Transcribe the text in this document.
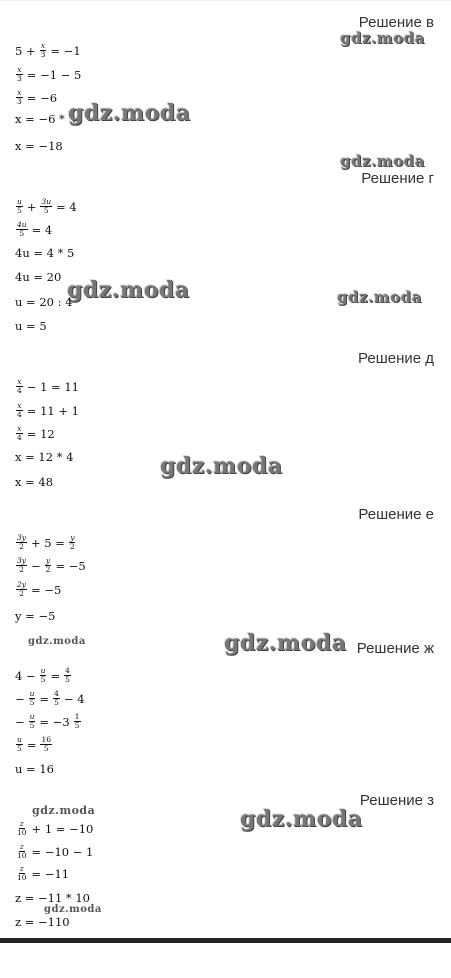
Решение в
gdz.moda
$5 + \frac{x}{3} = -1$
$\frac{x}{3} = -1 - 5$
$\frac{x}{3} = -6$
x = −6 * 3
gdz.moda
x = −18
gdz.moda
Решение г
$\frac{u}{5} + \frac{3u}{5} = 4$
$\frac{4u}{5} = 4$
4u = 4 * 5
4u = 20 gdz.moda	gdz.moda
u = 20 : 4
u = 5
Решение д
$\frac{x}{4} - 1 = 11$
$\frac{x}{4} = 11 + 1$
$\frac{x}{4} = 12$
x = 12 * 4	gdz.moda
x = 48
Решение е
$\frac{3y}{2} + 5 = \frac{y}{2}$
$\frac{3y}{2} - \frac{y}{2} = -5$
$\frac{2y}{2} = -5$
y = −5
gdz.moda	gdz.moda Решение ж
$4 - \frac{u}{5} = \frac{4}{5}$
− $\frac{u}{5} = \frac{4}{5} - 4$
− $\frac{u}{5} = -3 \frac{1}{5}$
$\frac{u}{5} = \frac{16}{5}$
u = 16
Решение з
gdz.moda	gdz.moda
$\frac{z}{10} + 1 = -10$
$\frac{z}{10} = -10 - 1$
$\frac{z}{10} = -11$
z = −11 * 10
gdz.moda
z = −110
